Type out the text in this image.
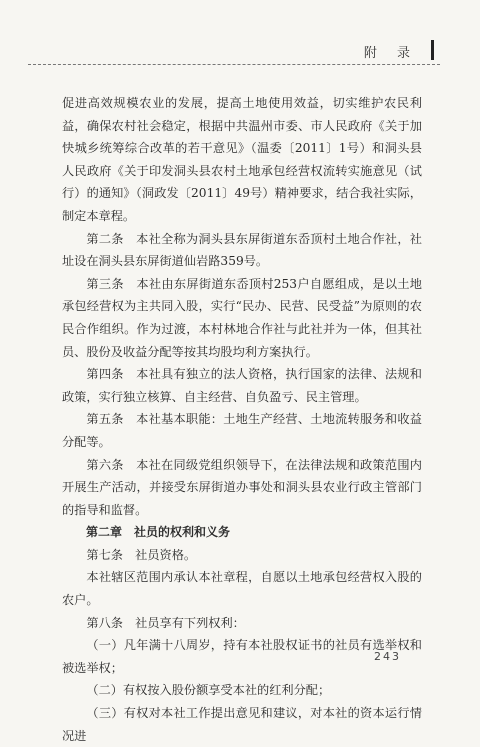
附 录

促进高效规模农业的发展，提高土地使用效益，切实维护农民利益，确保农村社会稳定，根据中共温州市委、市人民政府《关于加快城乡统筹综合改革的若干意见》（温委〔2011〕1号）和洞头县人民政府《关于印发洞头县农村土地承包经营权流转实施意见（试行）的通知》（洞政发〔2011〕49号）精神要求，结合我社实际，制定本章程。

第二条　本社全称为洞头县东屏街道东岙顶村土地合作社，社址设在洞头县东屏街道仙岩路359号。

第三条　本社由东屏街道东岙顶村253户自愿组成，是以土地承包经营权为主共同入股，实行“民办、民营、民受益”为原则的农民合作组织。作为过渡，本村林地合作社与此社并为一体，但其社员、股份及收益分配等按其均股均利方案执行。

第四条　本社具有独立的法人资格，执行国家的法律、法规和政策，实行独立核算、自主经营、自负盈亏、民主管理。

第五条　本社基本职能：土地生产经营、土地流转服务和收益分配等。

第六条　本社在同级党组织领导下，在法律法规和政策范围内开展生产活动，并接受东屏街道办事处和洞头县农业行政主管部门的指导和监督。

第二章　社员的权利和义务

第七条　社员资格。

本社辖区范围内承认本社章程，自愿以土地承包经营权入股的农户。

第八条　社员享有下列权利：

（一）凡年满十八周岁，持有本社股权证书的社员有选举权和被选举权；

（二）有权按入股份额享受本社的红利分配；

（三）有权对本社工作提出意见和建议，对本社的资本运行情况进

243
